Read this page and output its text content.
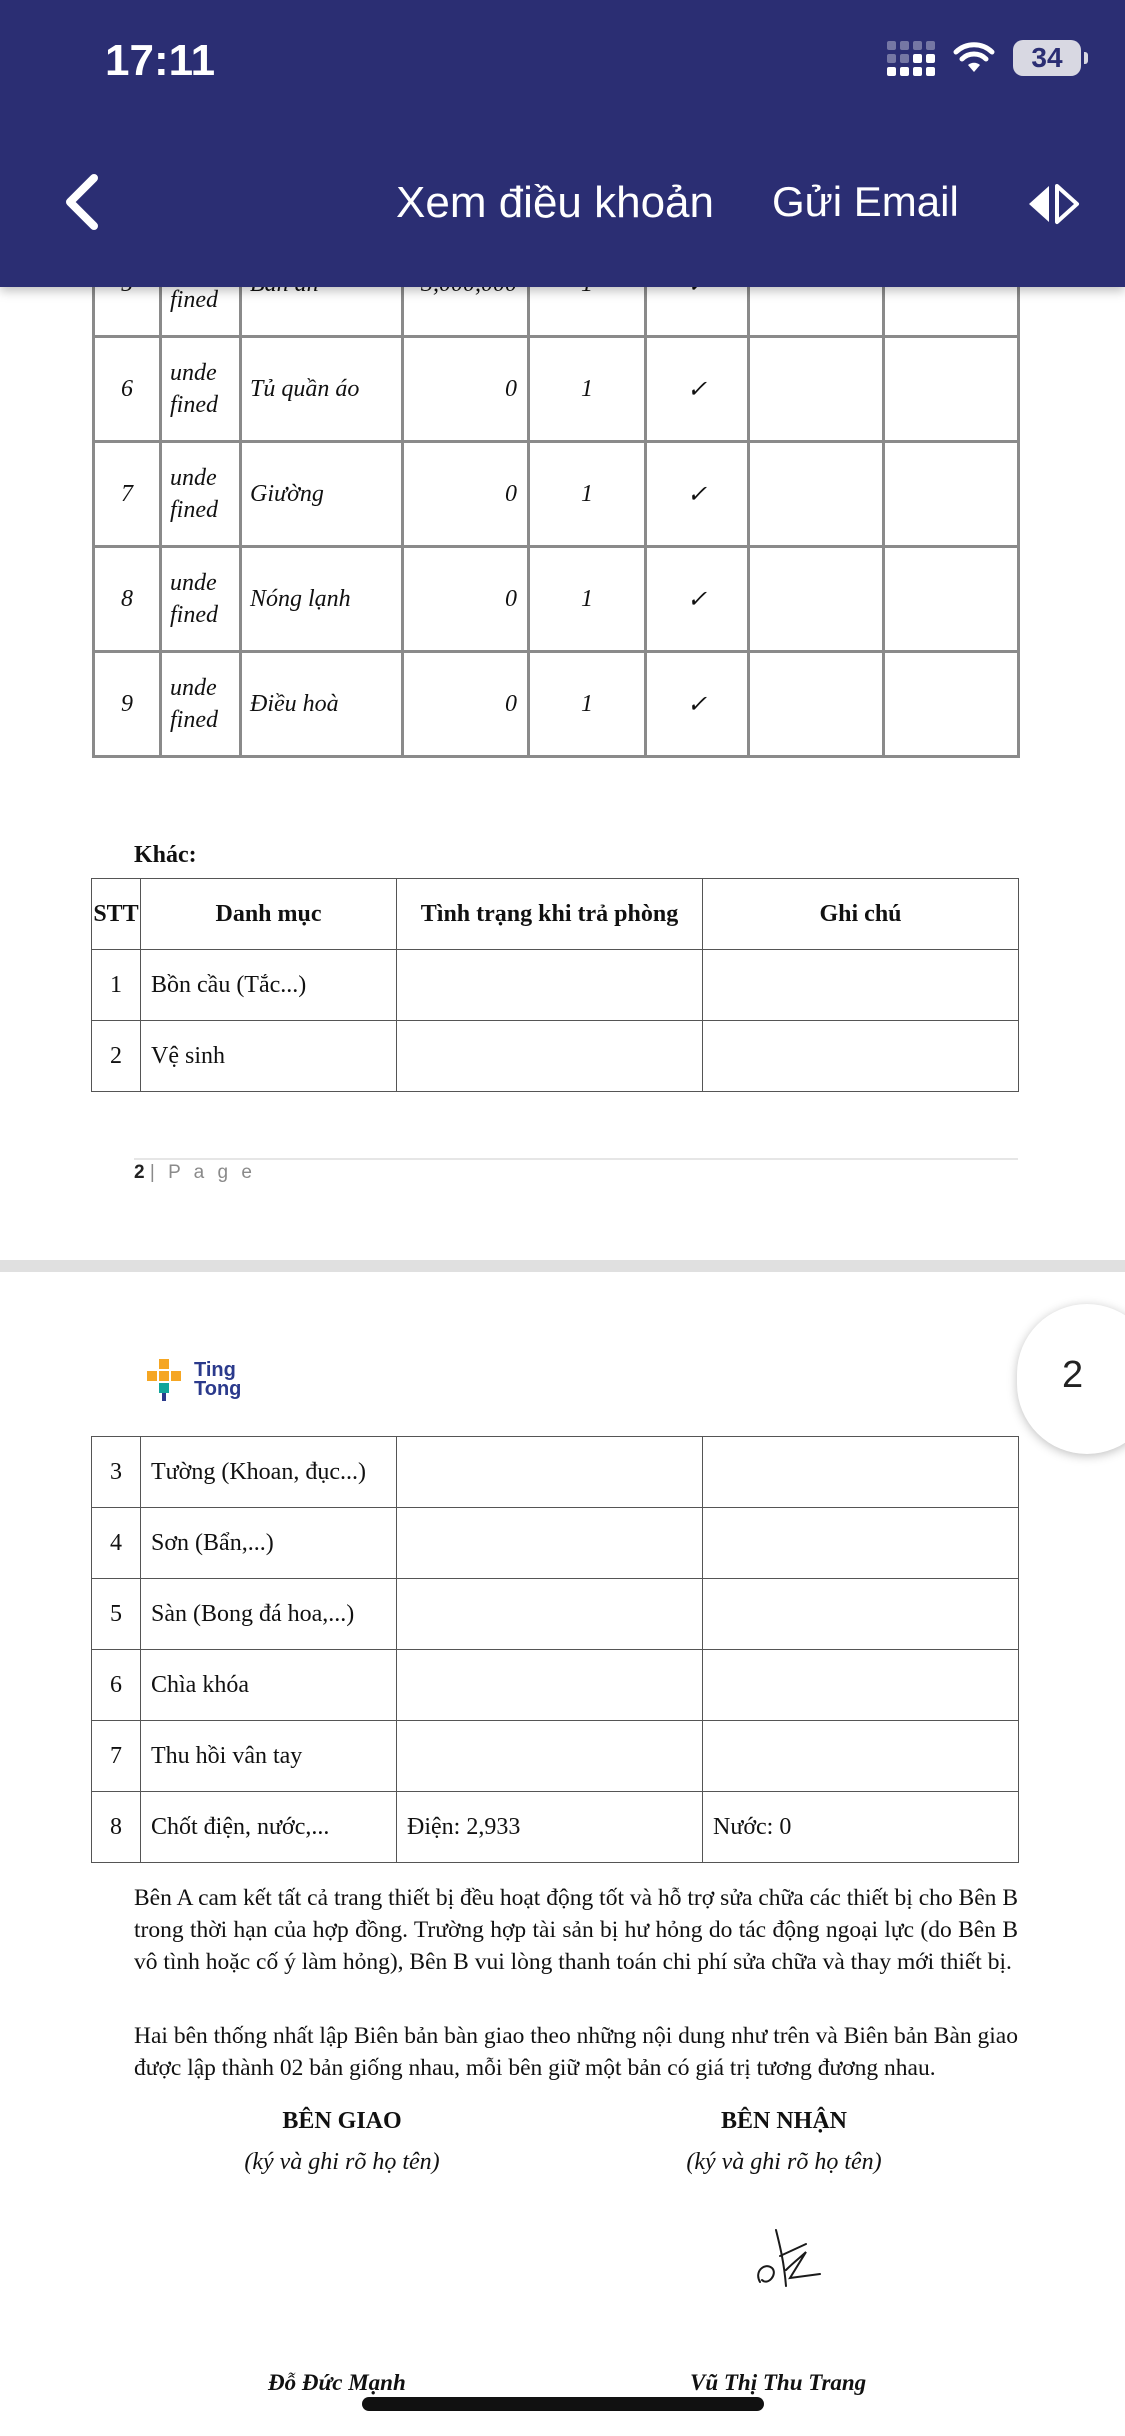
	fined						
6	unde fined	Tủ quần áo	0	1	✓		
7	unde fined	Giường	0	1	✓		
8	unde fined	Nóng lạnh	0	1	✓		
9	unde fined	Điều hoà	0	1	✓		
Khác:
STT	Danh mục	Tình trạng khi trả phòng	Ghi chú
1	Bồn cầu (Tắc...)		
2	Vệ sinh		
2 | P a g e
Ting
Tong
3	Tường (Khoan, đục...)		
4	Sơn (Bẩn,...)		
5	Sàn (Bong đá hoa,...)		
6	Chìa khóa		
7	Thu hồi vân tay		
8	Chốt điện, nước,...	Điện: 2,933	Nước: 0
Bên A cam kết tất cả trang thiết bị đều hoạt động tốt và hỗ trợ sửa chữa các thiết bị cho Bên B trong thời hạn của hợp đồng. Trường hợp tài sản bị hư hỏng do tác động ngoại lực (do Bên B vô tình hoặc cố ý làm hỏng), Bên B vui lòng thanh toán chi phí sửa chữa và thay mới thiết bị.
Hai bên thống nhất lập Biên bản bàn giao theo những nội dung như trên và Biên bản Bàn giao được lập thành 02 bản giống nhau, mỗi bên giữ một bản có giá trị tương đương nhau.
BÊN GIAO
(ký và ghi rõ họ tên)
BÊN NHẬN
(ký và ghi rõ họ tên)
Đỗ Đức Mạnh	Vũ Thị Thu Trang
2
17:11	34
Xem điều khoản Gửi Email
